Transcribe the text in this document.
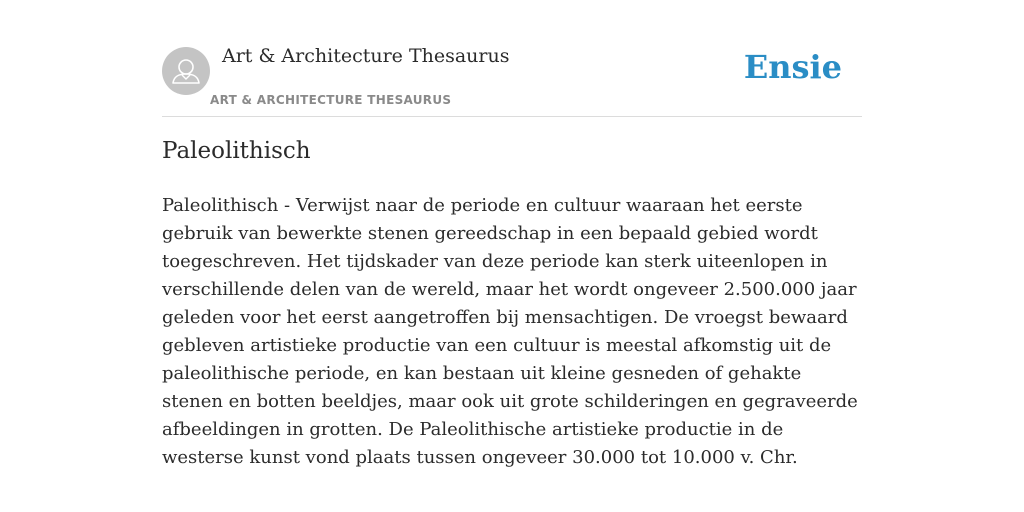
Art & Architecture Thesaurus
ART & ARCHITECTURE THESAURUS
Ensie
Paleolithisch

Paleolithisch - Verwijst naar de periode en cultuur waaraan het eerste gebruik van bewerkte stenen gereedschap in een bepaald gebied wordt toegeschreven. Het tijdskader van deze periode kan sterk uiteenlopen in verschillende delen van de wereld, maar het wordt ongeveer 2.500.000 jaar geleden voor het eerst aangetroffen bij mensachtigen. De vroegst bewaard gebleven artistieke productie van een cultuur is meestal afkomstig uit de paleolithische periode, en kan bestaan uit kleine gesneden of gehakte stenen en botten beeldjes, maar ook uit grote schilderingen en gegraveerde afbeeldingen in grotten. De Paleolithische artistieke productie in de westerse kunst vond plaats tussen ongeveer 30.000 tot 10.000 v. Chr.
